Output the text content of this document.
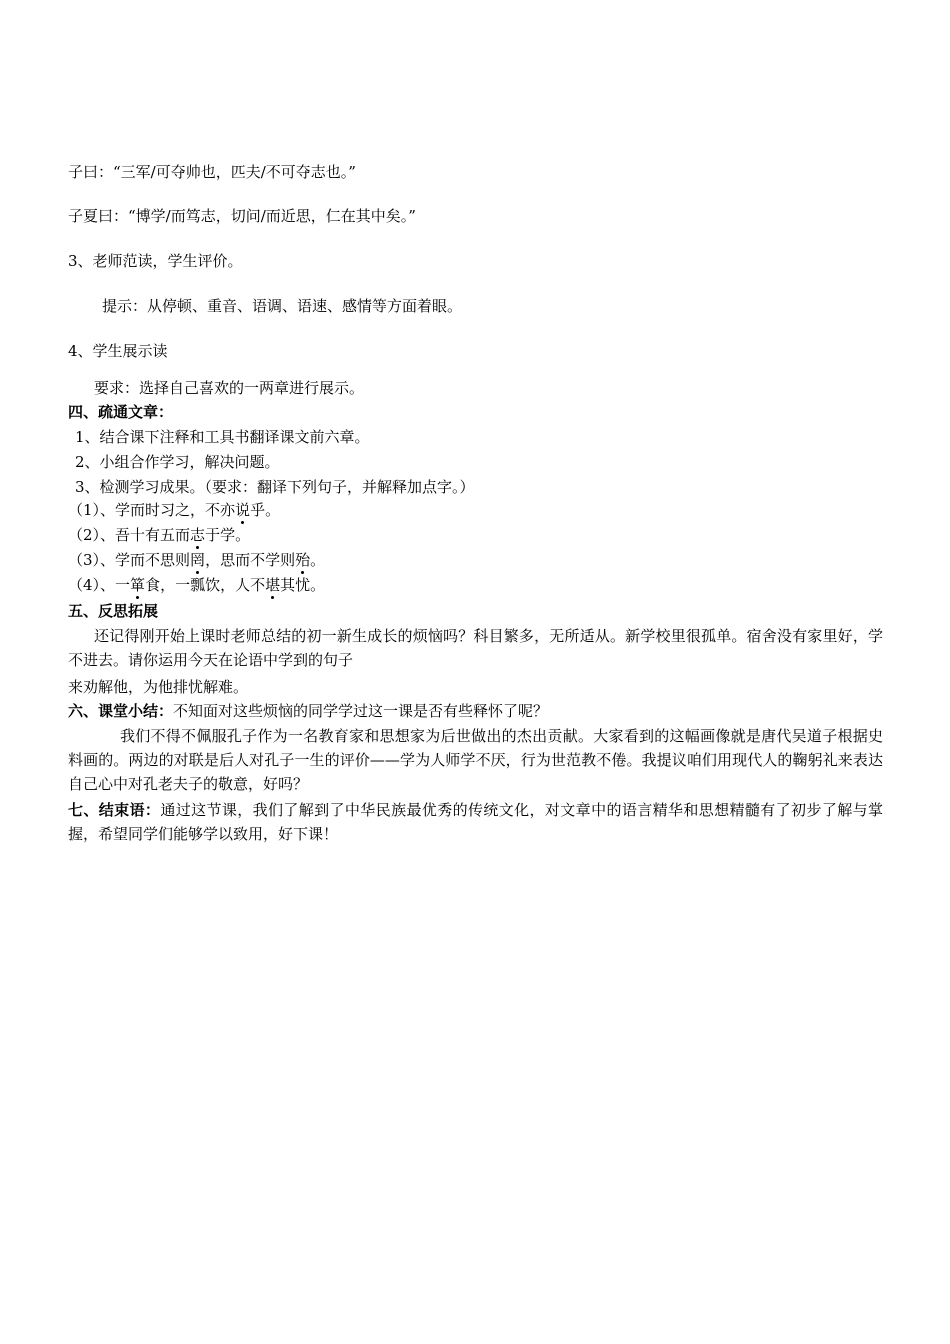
子曰：“三军/可夺帅也，匹夫/不可夺志也。”
子夏曰：“博学/而笃志，切问/而近思，仁在其中矣。”
3、老师范读，学生评价。
提示：从停顿、重音、语调、语速、感情等方面着眼。
4、学生展示读
要求：选择自己喜欢的一两章进行展示。
四、疏通文章：
1、结合课下注释和工具书翻译课文前六章。
2、小组合作学习，解决问题。
3、检测学习成果。（要求：翻译下列句子，并解释加点字。）
（1）、学而时习之，不亦说乎。
（2）、吾十有五而志于学。
（3）、学而不思则罔，思而不学则殆。
（4）、一箪食，一瓢饮，人不堪其忧。
五、反思拓展
还记得刚开始上课时老师总结的初一新生成长的烦恼吗？科目繁多，无所适从。新学校里很孤单。宿舍没有家里好，学不进去。请你运用今天在论语中学到的句子
来劝解他，为他排忧解难。
六、课堂小结：不知面对这些烦恼的同学学过这一课是否有些释怀了呢？
我们不得不佩服孔子作为一名教育家和思想家为后世做出的杰出贡献。大家看到的这幅画像就是唐代吴道子根据史料画的。两边的对联是后人对孔子一生的评价——学为人师学不厌，行为世范教不倦。我提议咱们用现代人的鞠躬礼来表达自己心中对孔老夫子的敬意，好吗？
七、结束语：通过这节课，我们了解到了中华民族最优秀的传统文化，对文章中的语言精华和思想精髓有了初步了解与掌握，希望同学们能够学以致用，好下课！
